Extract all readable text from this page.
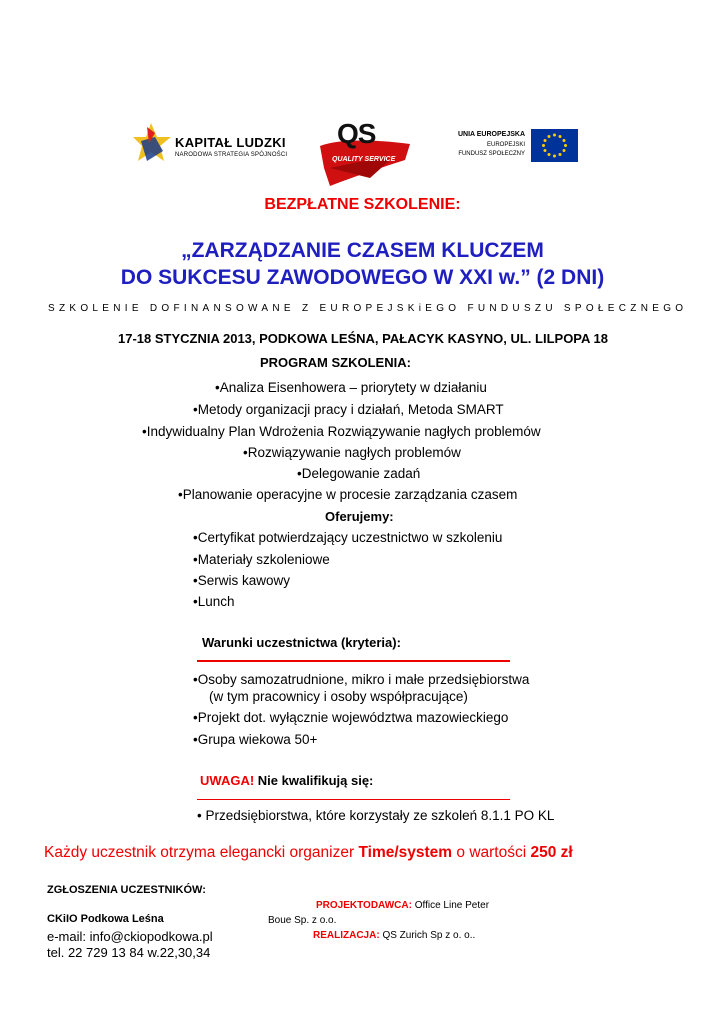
KAPITAŁ LUDZKI
NARODOWA STRATEGIA SPÓJNOŚCI
QS
QUALITY SERVICE
UNIA EUROPEJSKA
EUROPEJSKI
FUNDUSZ SPOŁECZNY
BEZPŁATNE SZKOLENIE:
„ZARZĄDZANIE CZASEM KLUCZEM
DO SUKCESU ZAWODOWEGO W XXI w.” (2 DNI)
SZKOLENIE DOFINANSOWANE Z EUROPEJSKiEGO FUNDUSZU SPOŁECZNEGO
17-18 STYCZNIA 2013, PODKOWA LEŚNA, PAŁACYK KASYNO, UL. LILPOPA 18
PROGRAM SZKOLENIA:
•Analiza Eisenhowera – priorytety w działaniu
•Metody organizacji pracy i działań, Metoda SMART
•Indywidualny Plan Wdrożenia Rozwiązywanie nagłych problemów
•Rozwiązywanie nagłych problemów
•Delegowanie zadań
•Planowanie operacyjne w procesie zarządzania czasem
Oferujemy:
•Certyfikat potwierdzający uczestnictwo w szkoleniu
•Materiały szkoleniowe
•Serwis kawowy
•Lunch
Warunki uczestnictwa (kryteria):
•Osoby samozatrudnione, mikro i małe przedsiębiorstwa
(w tym pracownicy i osoby współpracujące)
•Projekt dot. wyłącznie województwa mazowieckiego
•Grupa wiekowa 50+
UWAGA! Nie kwalifikują się:
• Przedsiębiorstwa, które korzystały ze szkoleń 8.1.1 PO KL
Każdy uczestnik otrzyma elegancki organizer Time/system o wartości 250 zł
ZGŁOSZENIA UCZESTNIKÓW:
CKiIO Podkowa Leśna
e-mail: info@ckiopodkowa.pl
tel. 22 729 13 84 w.22,30,34
PROJEKTODAWCA: Office Line Peter
Boue Sp. z o.o.
REALIZACJA: QS Zurich Sp z o. o..
